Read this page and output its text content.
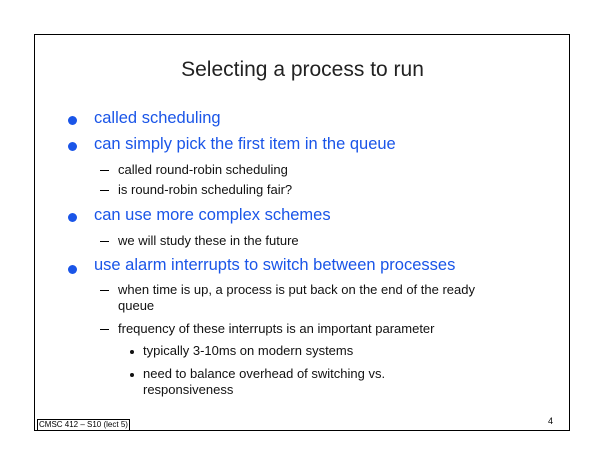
Selecting a process to run
called scheduling
can simply pick the first item in the queue
called round-robin scheduling
is round-robin scheduling fair?
can use more complex schemes
we will study these in the future
use alarm interrupts to switch between processes
when time is up, a process is put back on the end of the ready queue
frequency of these interrupts is an important parameter
typically 3-10ms on modern systems
need to balance overhead of switching vs. responsiveness
CMSC 412 – S10 (lect 5)	4
